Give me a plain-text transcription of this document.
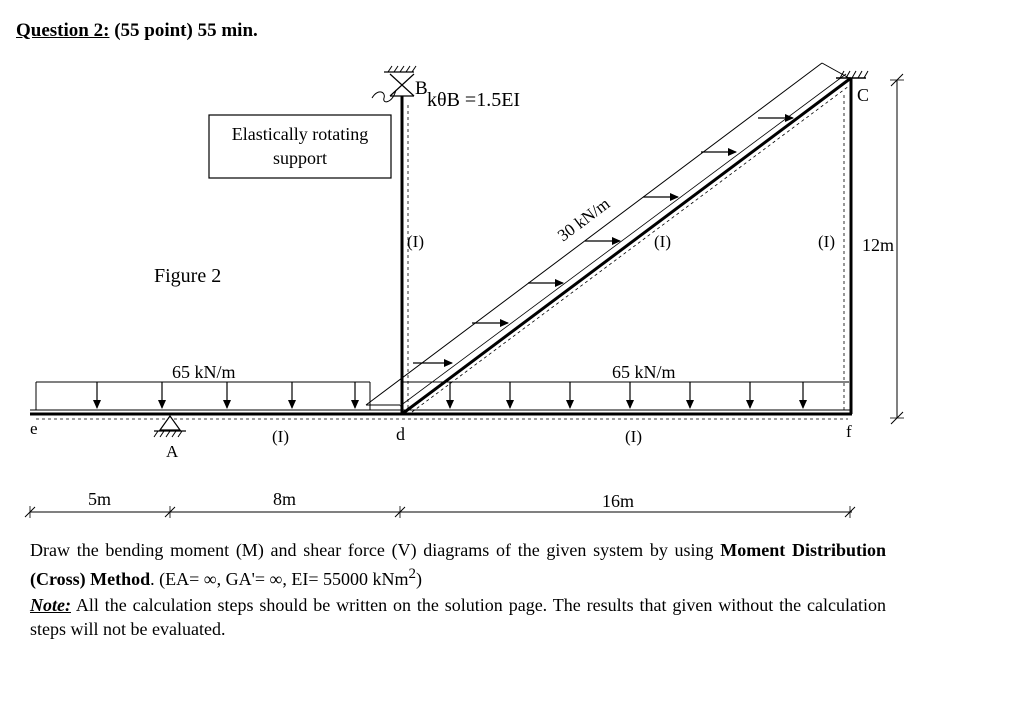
Question 2: (55 point) 55 min.
Elastically rotating
support
Figure 2
65 kN/m	65 kN/m
30 kN/m
B
kθB =1.5EI	C
A
d
e	f
(I)	(I)
(I)	(I)	(I) 12m
5m	8m	16m
Draw the bending moment (M) and shear force (V) diagrams of the given system by using Moment Distribution (Cross) Method. (EA= ∞, GA'= ∞, EI= 55000 kNm$^2$)
Note: All the calculation steps should be written on the solution page. The results that given without the calculation steps will not be evaluated.
